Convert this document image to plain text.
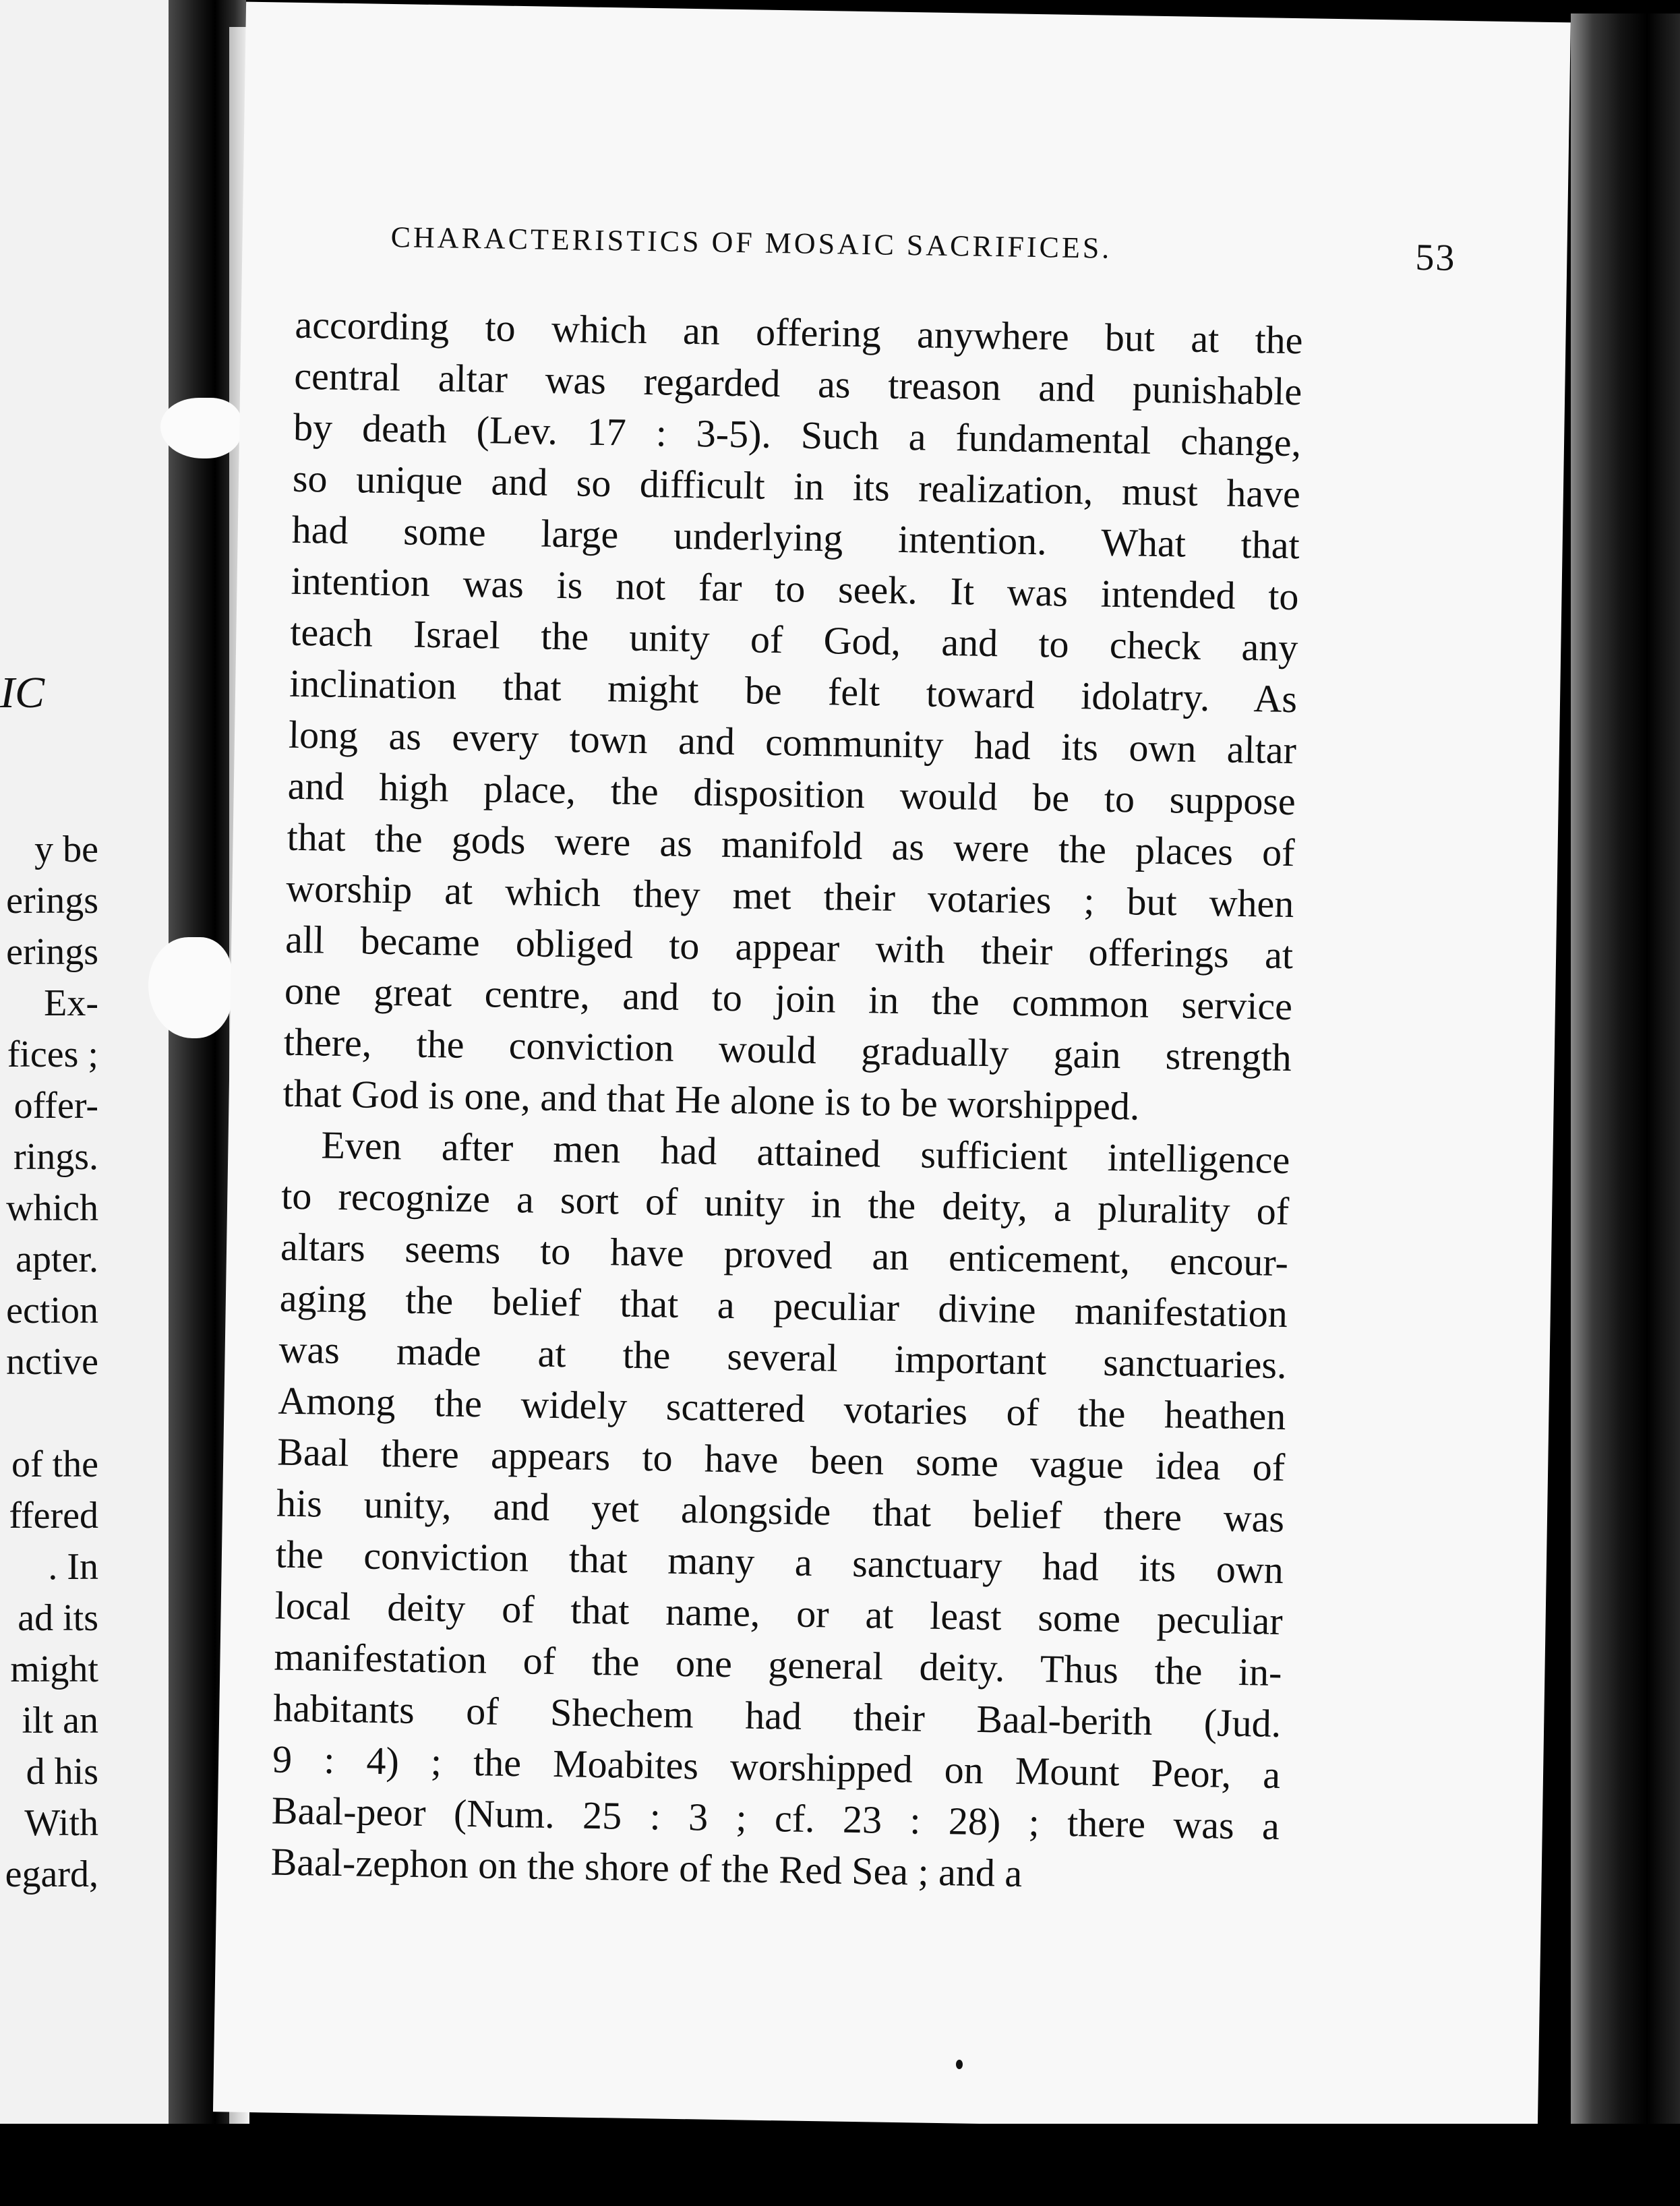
IC
y be
erings
erings
Ex-
fices ;
offer-
rings.
which
apter.
ection
nctive
of the
ffered
. In
ad its
might
ilt an
d his
With
egard,
CHARACTERISTICS OF MOSAIC SACRIFICES.	53
according to which an offering anywhere but at the
central altar was regarded as treason and punishable
by death (Lev. 17 : 3-5). Such a fundamental change,
so unique and so difficult in its realization, must have
had some large underlying intention. What that
intention was is not far to seek. It was intended to
teach Israel the unity of God, and to check any
inclination that might be felt toward idolatry. As
long as every town and community had its own altar
and high place, the disposition would be to suppose
that the gods were as manifold as were the places of
worship at which they met their votaries ; but when
all became obliged to appear with their offerings at
one great centre, and to join in the common service
there, the conviction would gradually gain strength
that God is one, and that He alone is to be worshipped.
Even after men had attained sufficient intelligence
to recognize a sort of unity in the deity, a plurality of
altars seems to have proved an enticement, encour-
aging the belief that a peculiar divine manifestation
was made at the several important sanctuaries.
Among the widely scattered votaries of the heathen
Baal there appears to have been some vague idea of
his unity, and yet alongside that belief there was
the conviction that many a sanctuary had its own
local deity of that name, or at least some peculiar
manifestation of the one general deity. Thus the in-
habitants of Shechem had their Baal-berith (Jud.
9 : 4) ; the Moabites worshipped on Mount Peor, a
Baal-peor (Num. 25 : 3 ; cf. 23 : 28) ; there was a
Baal-zephon on the shore of the Red Sea ; and a
